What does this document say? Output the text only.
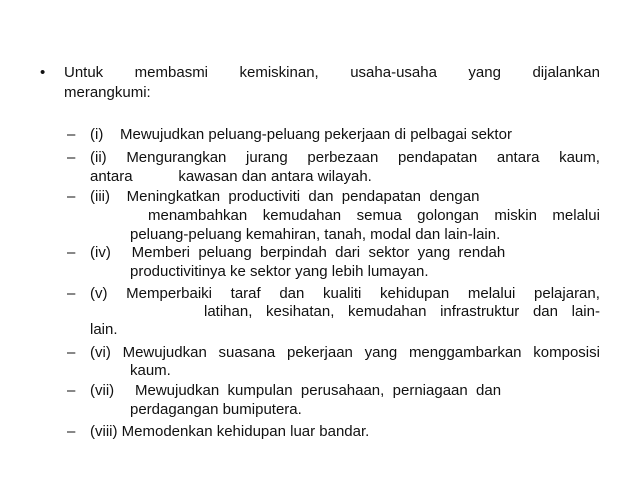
• Untuk membasmi kemiskinan, usaha-usaha yang dijalankan
merangkumi:
– (i)    Mewujudkan peluang-peluang pekerjaan di pelbagai sektor
– (ii) Mengurangkan jurang perbezaan pendapatan antara kaum,
antara           kawasan dan antara wilayah.
– (iii)    Meningkatkan  productiviti  dan  pendapatan  dengan
menambahkan kemudahan semua golongan miskin melalui
peluang-peluang kemahiran, tanah, modal dan lain-lain.
– (iv)     Memberi  peluang  berpindah  dari  sektor  yang  rendah
productivitinya ke sektor yang lebih lumayan.
– (v) Memperbaiki taraf dan kualiti kehidupan melalui pelajaran,
latihan, kesihatan, kemudahan infrastruktur dan lain-
lain.
– (vi) Mewujudkan suasana pekerjaan yang menggambarkan komposisi
kaum.
– (vii)     Mewujudkan  kumpulan  perusahaan,  perniagaan  dan
perdagangan bumiputera.
– (viii) Memodenkan kehidupan luar bandar.
